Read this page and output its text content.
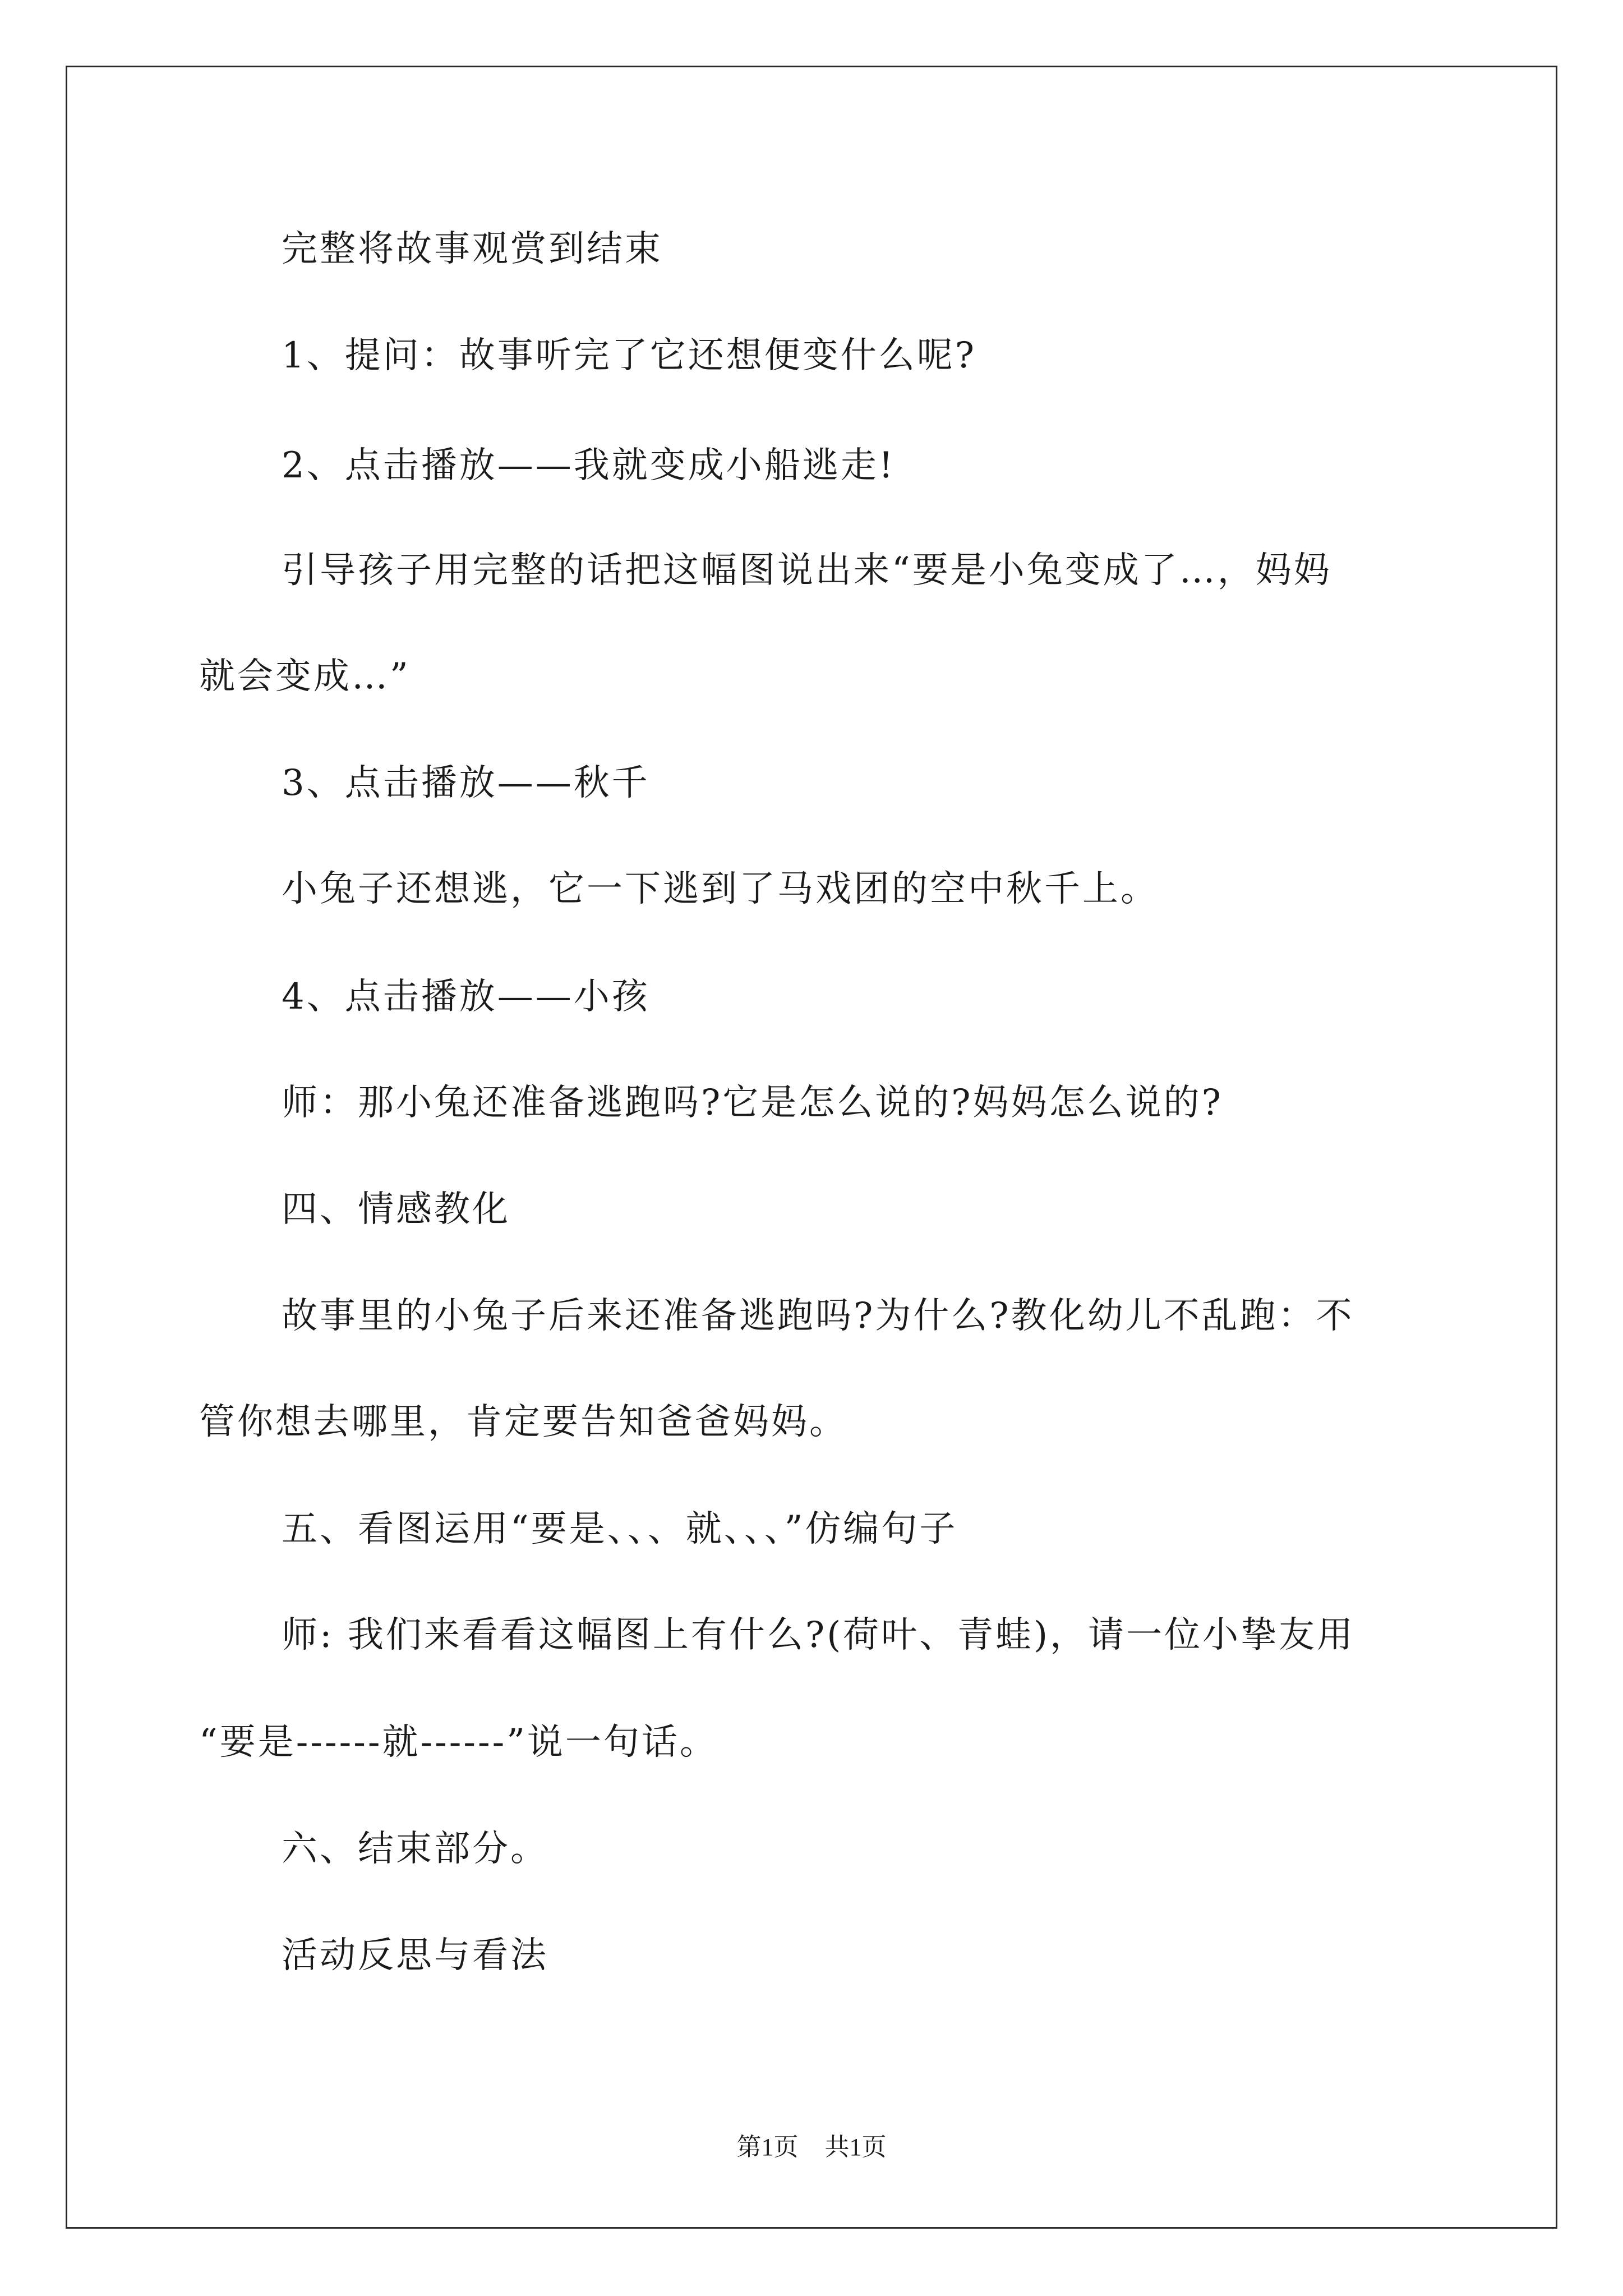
完整将故事观赏到结束
1、提问：故事听完了它还想便变什么呢?
2、点击播放——我就变成小船逃走!
引导孩子用完整的话把这幅图说出来“要是小兔变成了…，妈妈
就会变成…”
3、点击播放——秋千
小兔子还想逃，它一下逃到了马戏团的空中秋千上。
4、点击播放——小孩
师：那小兔还准备逃跑吗?它是怎么说的?妈妈怎么说的?
四、情感教化
故事里的小兔子后来还准备逃跑吗?为什么?教化幼儿不乱跑：不
管你想去哪里，肯定要告知爸爸妈妈。
五、看图运用“要是、、、就、、、”仿编句子
师: 我们来看看这幅图上有什么?(荷叶、青蛙)，请一位小挚友用
“要是------就------”说一句话。
六、结束部分。
活动反思与看法
第1页 共1页
